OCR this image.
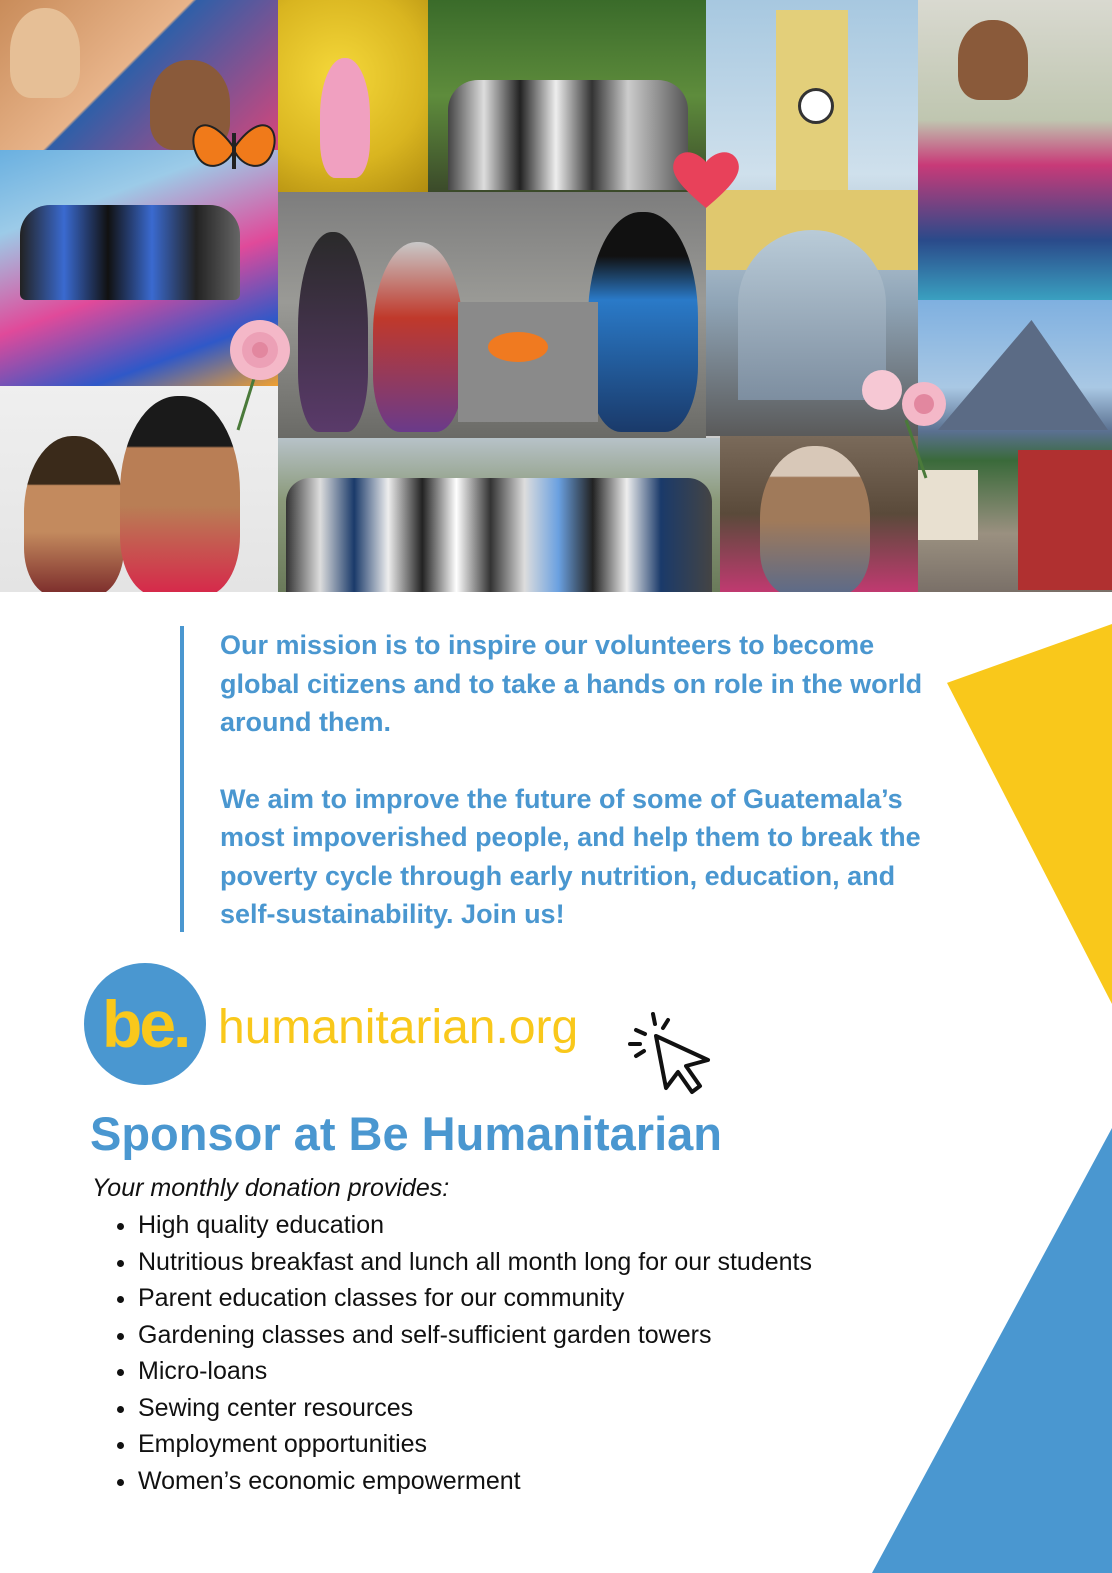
Our mission is to inspire our volunteers to become global citizens and to take a hands on role in the world around them.

We aim to improve the future of some of Guatemala’s most impoverished people, and help them to break the poverty cycle through early nutrition, education, and self-sustainability. Join us!

be. humanitarian.org
Sponsor at Be Humanitarian
Your monthly donation provides:
• High quality education
• Nutritious breakfast and lunch all month long for our students
• Parent education classes for our community
• Gardening classes and self-sufficient garden towers
• Micro-loans
• Sewing center resources
• Employment opportunities
• Women’s economic empowerment
